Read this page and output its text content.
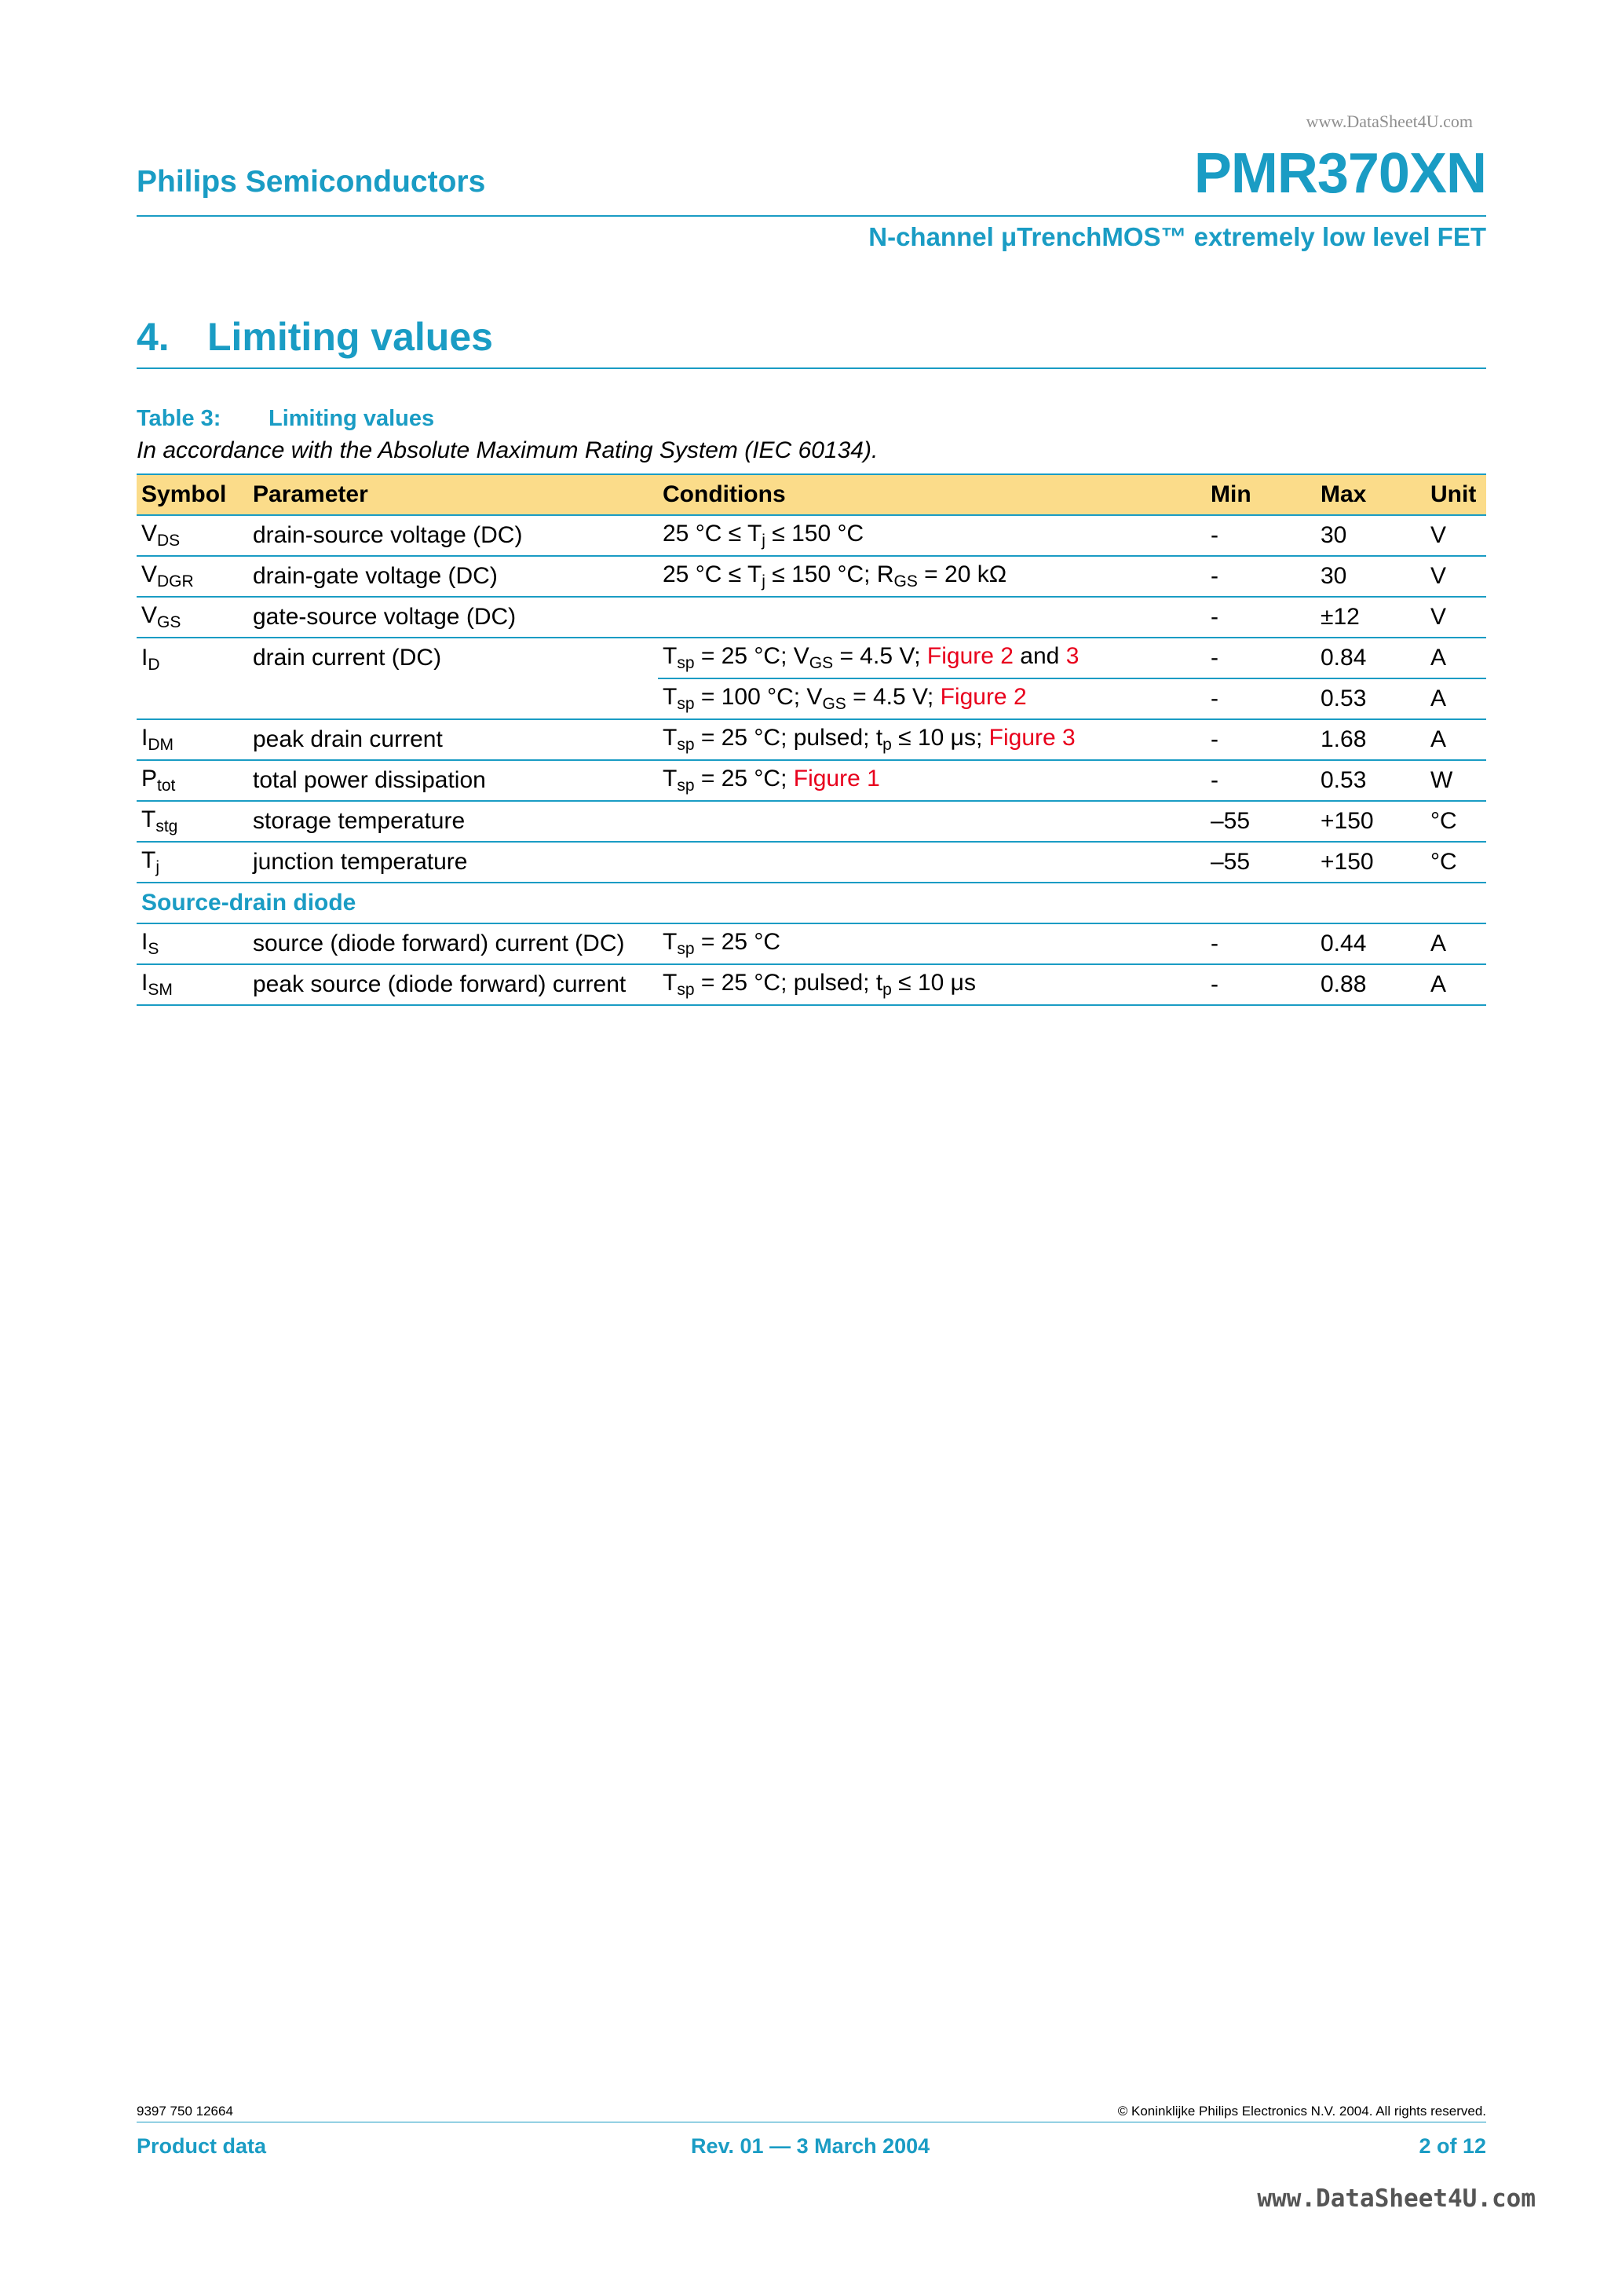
www.DataSheet4U.com
Philips Semiconductors	PMR370XN
N-channel μTrenchMOS™ extremely low level FET
4. Limiting values
Table 3: Limiting values
In accordance with the Absolute Maximum Rating System (IEC 60134).
Symbol	Parameter	Conditions	Min	Max	Unit
$V_{DS}$	drain-source voltage (DC)	25 $^\circ C \le T_j \le 150$ °C	-	30	V
$V_{DGR}$	drain-gate voltage (DC)	25 $^\circ C \le T_j \le 150$ °C; $R_{GS} = 20$ kΩ	-	30	V
$V_{GS}$	gate-source voltage (DC)		-	±12	V
$I_D$	drain current (DC)	$T_{sp} = 25$ °C; $V_{GS} = 4.5$ V; Figure 2 and 3	-	0.84	A
		$T_{sp} = 100$ °C; $V_{GS} = 4.5$ V; Figure 2	-	0.53	A
$I_{DM}$	peak drain current	$T_{sp} = 25$ °C; pulsed; $t_p \le 10$ μs; Figure 3	-	1.68	A
$P_{tot}$	total power dissipation	$T_{sp} = 25$ °C; Figure 1	-	0.53	W
$T_{stg}$	storage temperature		–55	+150	°C
$T_j$	junction temperature		–55	+150	°C
Source-drain diode					
$I_S$	source (diode forward) current (DC)	$T_{sp} = 25$ °C	-	0.44	A
$I_{SM}$	peak source (diode forward) current	$T_{sp} = 25$ °C; pulsed; $t_p \le 10$ μs	-	0.88	A
9397 750 12664	© Koninklijke Philips Electronics N.V. 2004. All rights reserved.
Product data	Rev. 01 — 3 March 2004	2 of 12
www.DataSheet4U.com
